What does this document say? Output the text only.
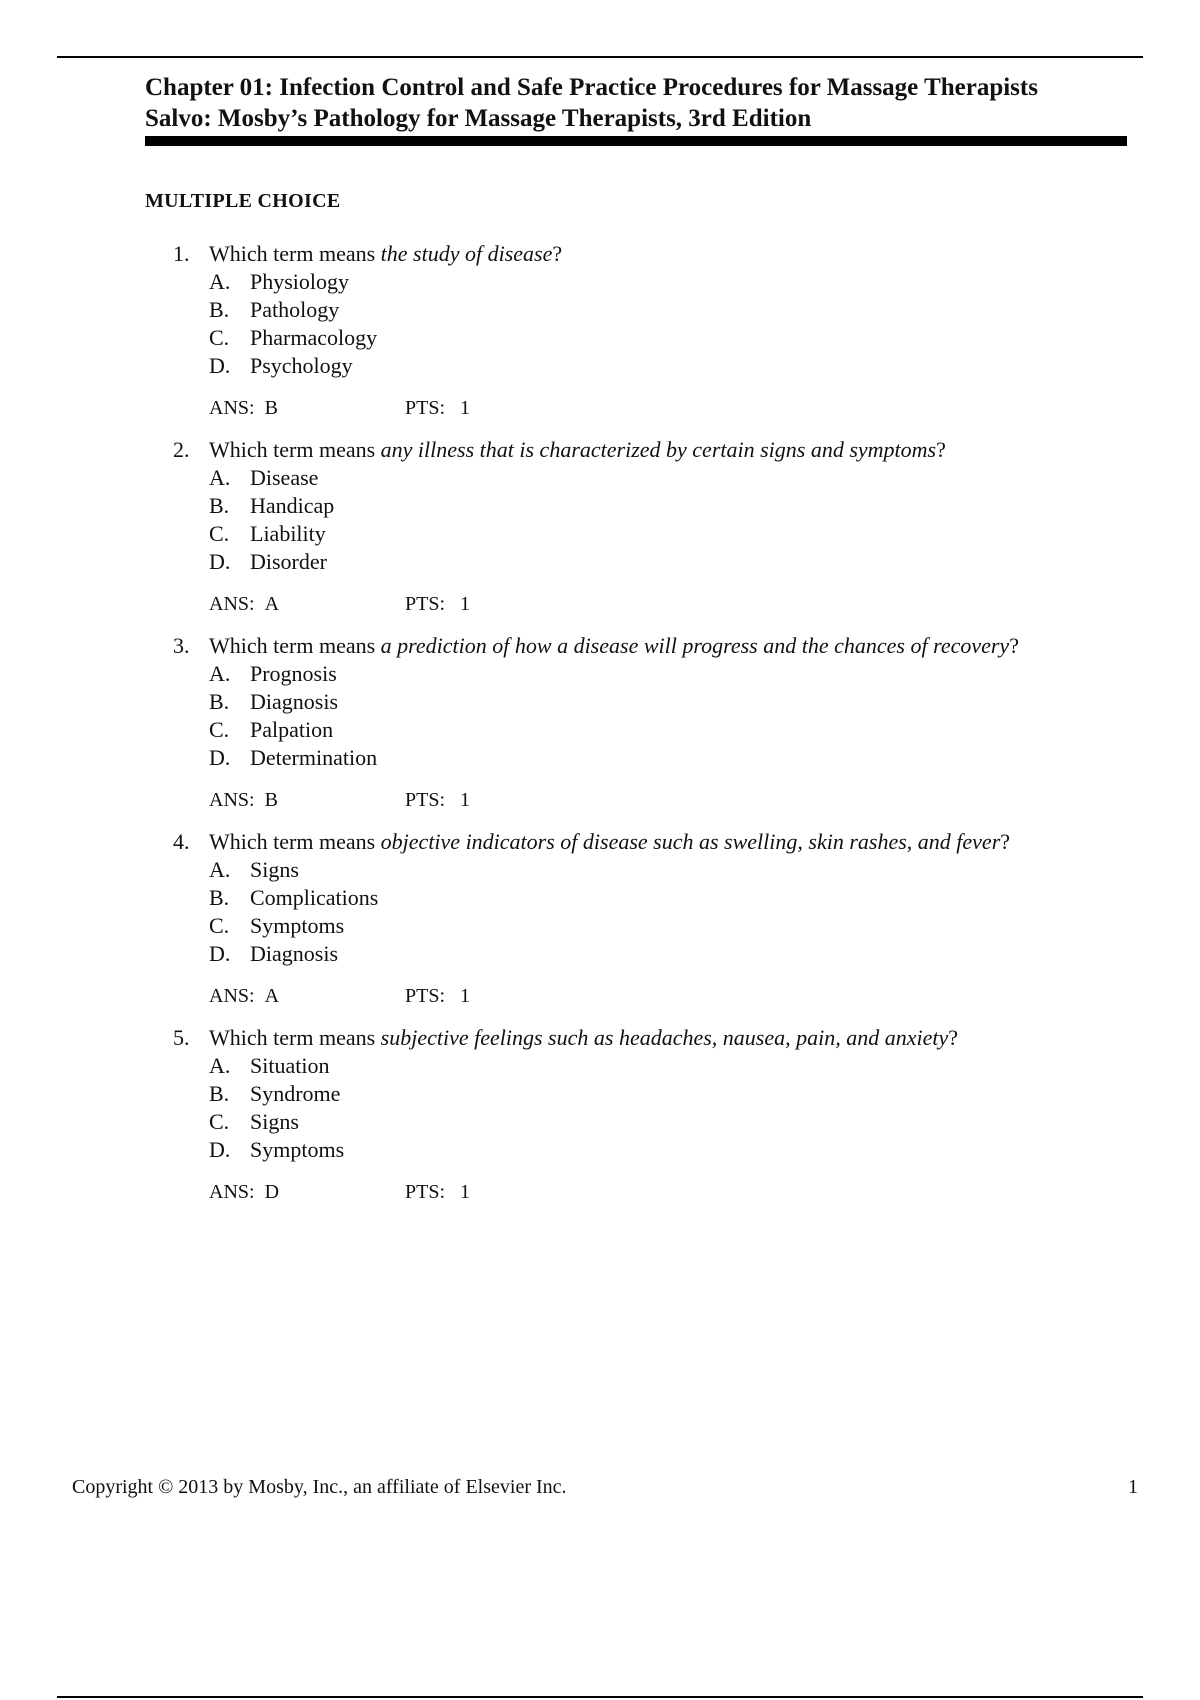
Chapter 01: Infection Control and Safe Practice Procedures for Massage Therapists
Salvo: Mosby’s Pathology for Massage Therapists, 3rd Edition
MULTIPLE CHOICE
1. Which term means the study of disease?
A. Physiology
B. Pathology
C. Pharmacology
D. Psychology
ANS: B	PTS: 1
2. Which term means any illness that is characterized by certain signs and symptoms?
A. Disease
B. Handicap
C. Liability
D. Disorder
ANS: A	PTS: 1
3. Which term means a prediction of how a disease will progress and the chances of recovery?
A. Prognosis
B. Diagnosis
C. Palpation
D. Determination
ANS: B	PTS: 1
4. Which term means objective indicators of disease such as swelling, skin rashes, and fever?
A. Signs
B. Complications
C. Symptoms
D. Diagnosis
ANS: A	PTS: 1
5. Which term means subjective feelings such as headaches, nausea, pain, and anxiety?
A. Situation
B. Syndrome
C. Signs
D. Symptoms
ANS: D	PTS: 1
Copyright © 2013 by Mosby, Inc., an affiliate of Elsevier Inc.	1
